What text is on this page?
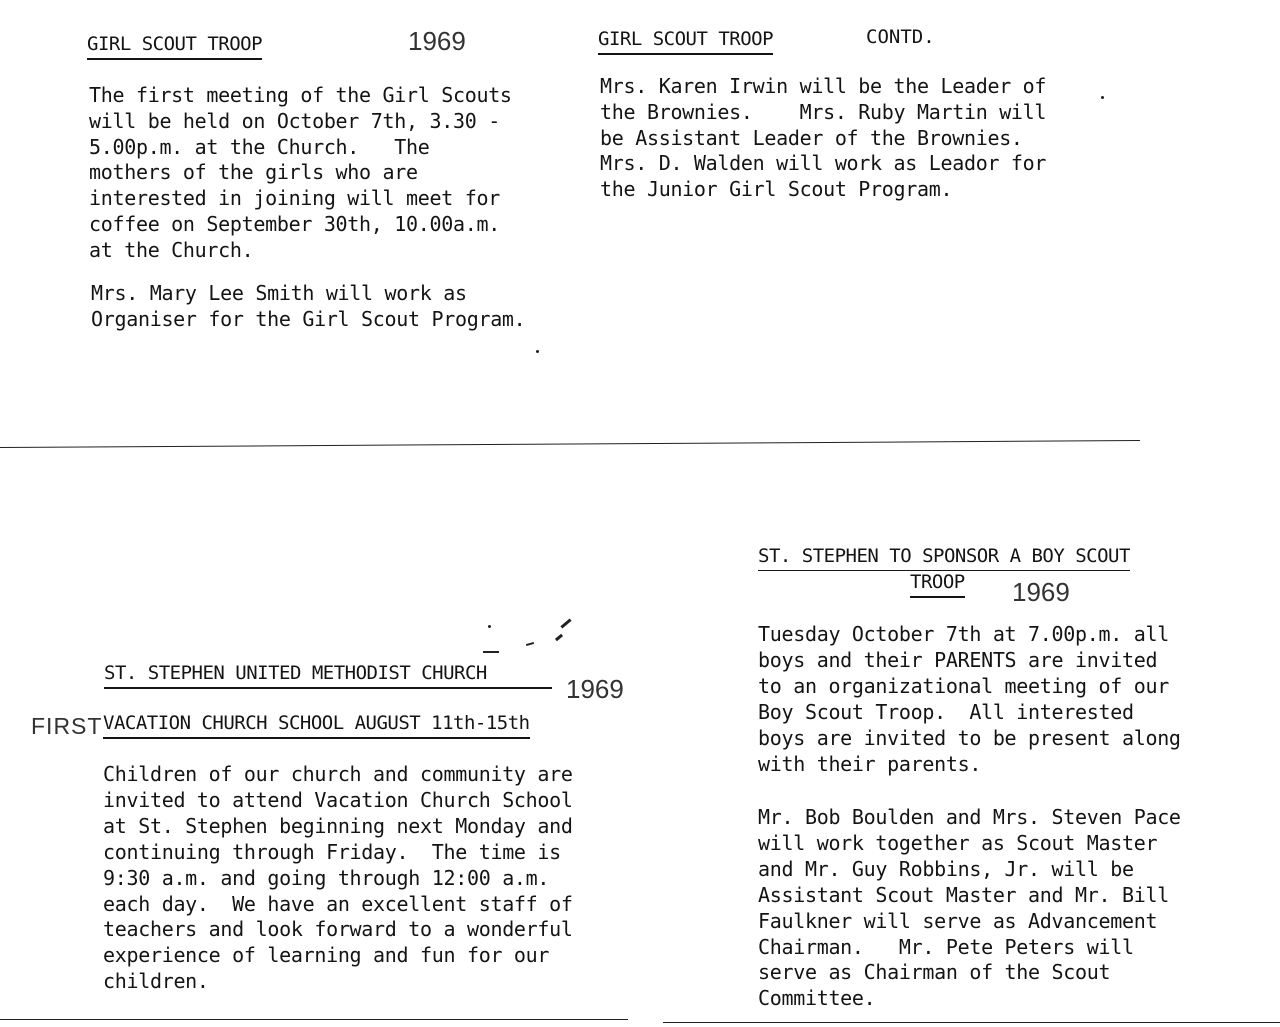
GIRL SCOUT TROOP	1969

The first meeting of the Girl Scouts
will be held on October 7th, 3.30 -
5.00p.m. at the Church.   The
mothers of the girls who are
interested in joining will meet for
coffee on September 30th, 10.00a.m.
at the Church.

Mrs. Mary Lee Smith will work as
Organiser for the Girl Scout Program.

GIRL SCOUT TROOP	CONTD.

Mrs. Karen Irwin will be the Leader of
the Brownies.    Mrs. Ruby Martin will
be Assistant Leader of the Brownies.
Mrs. D. Walden will work as Leador for
the Junior Girl Scout Program.

ST. STEPHEN UNITED METHODIST CHURCH
1969
FIRST VACATION CHURCH SCHOOL AUGUST 11th-15th

Children of our church and community are
invited to attend Vacation Church School
at St. Stephen beginning next Monday and
continuing through Friday.  The time is
9:30 a.m. and going through 12:00 a.m.
each day.  We have an excellent staff of
teachers and look forward to a wonderful
experience of learning and fun for our
children.

ST. STEPHEN TO SPONSOR A BOY SCOUT
TROOP 1969

Tuesday October 7th at 7.00p.m. all
boys and their PARENTS are invited
to an organizational meeting of our
Boy Scout Troop.  All interested
boys are invited to be present along
with their parents.

Mr. Bob Boulden and Mrs. Steven Pace
will work together as Scout Master
and Mr. Guy Robbins, Jr. will be
Assistant Scout Master and Mr. Bill
Faulkner will serve as Advancement
Chairman.   Mr. Pete Peters will
serve as Chairman of the Scout
Committee.
